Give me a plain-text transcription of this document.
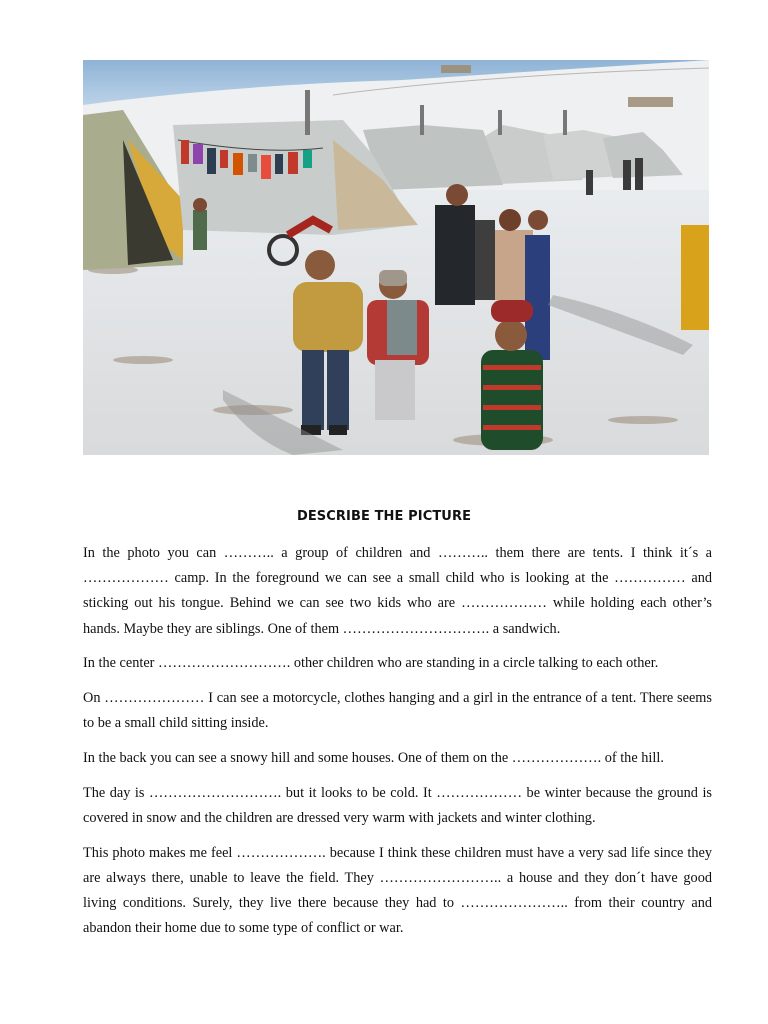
DESCRIBE THE PICTURE

In the photo you can ……….. a group of children and ……….. them there are tents. I think it´s a ……………… camp. In the foreground we can see a small child who is looking at the …………… and sticking out his tongue. Behind we can see two kids who are ……………… while holding each other’s hands. Maybe they are siblings. One of them …………………………. a sandwich.

In the center ………………………. other children who are standing in a circle talking to each other.

On ………………… I can see a motorcycle, clothes hanging and a girl in the entrance of a tent. There seems to be a small child sitting inside.

In the back you can see a snowy hill and some houses. One of them on the ………………. of the hill.

The day is ………………………. but it looks to be cold. It ……………… be winter because the ground is covered in snow and the children are dressed very warm with jackets and winter clothing.

This photo makes me feel ………………. because I think these children must have a very sad life since they are always there, unable to leave the field. They …………………….. a house and they don´t have good living conditions. Surely, they live there because they had to ………………….. from their country and abandon their home due to some type of conflict or war.
